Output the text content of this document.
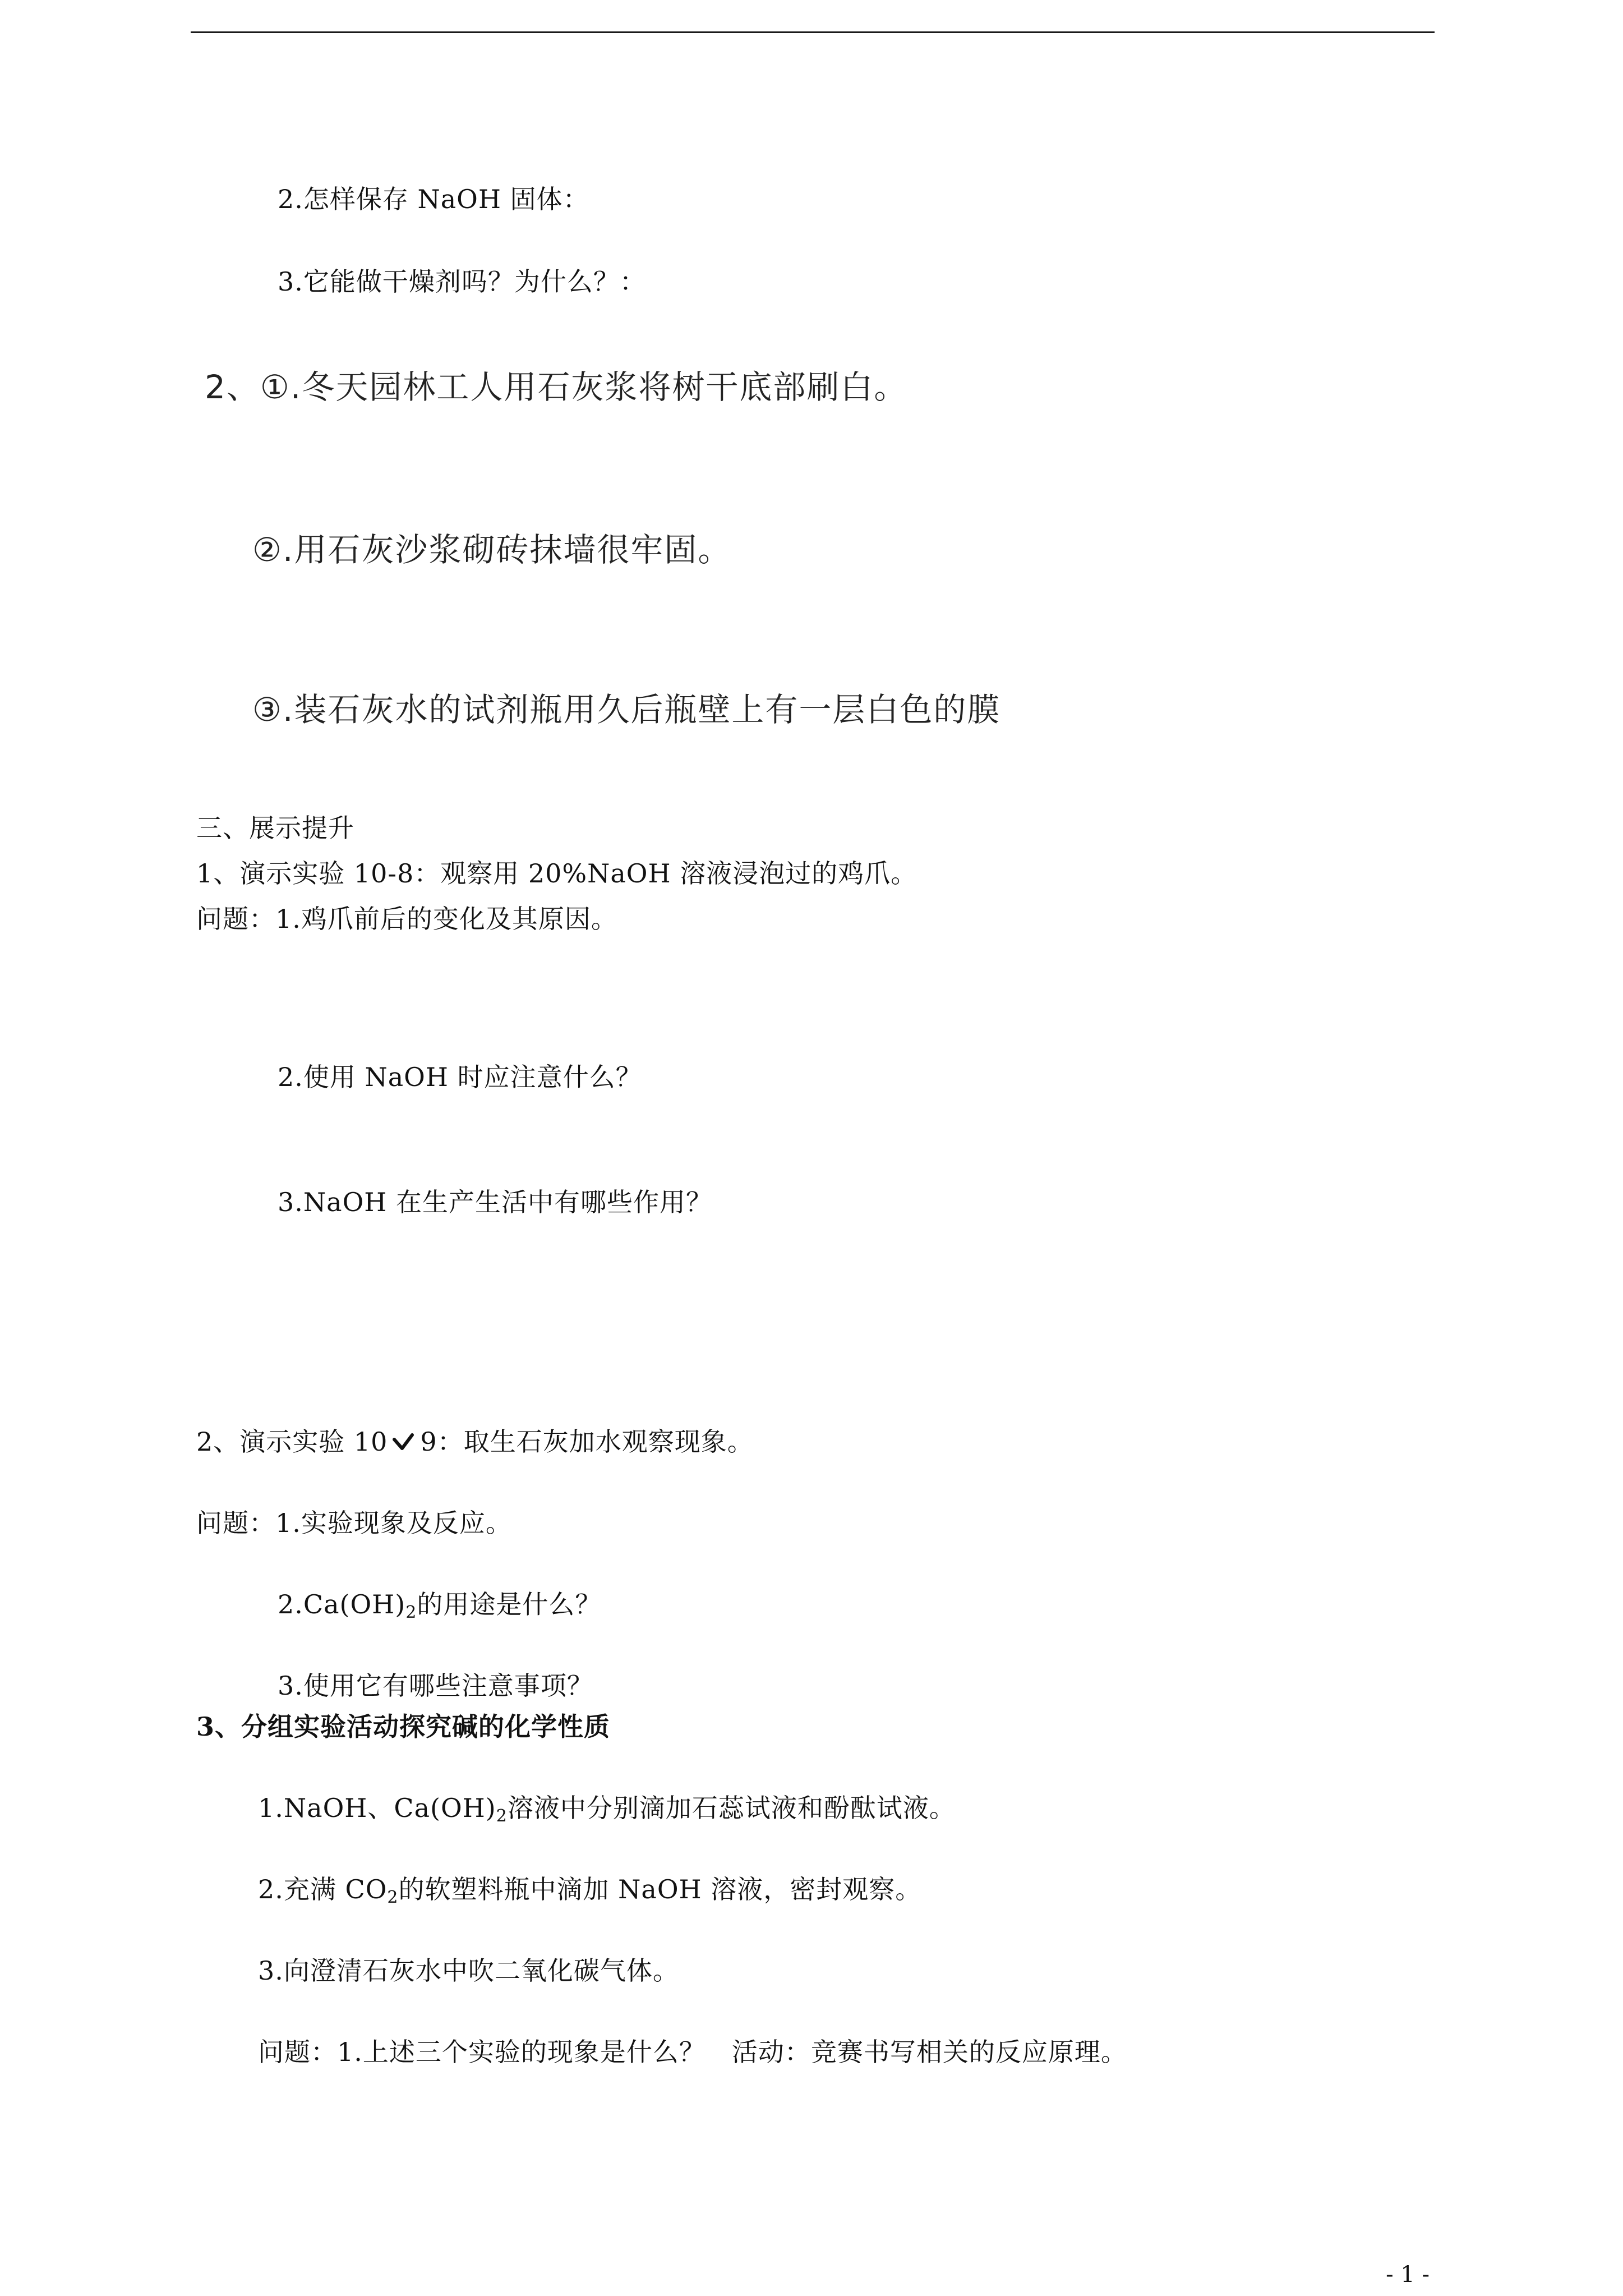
2.怎样保存 NaOH 固体：
3.它能做干燥剂吗？为什么？：
2、①.冬天园林工人用石灰浆将树干底部刷白。
②.用石灰沙浆砌砖抹墙很牢固。
③.装石灰水的试剂瓶用久后瓶壁上有一层白色的膜
三、展示提升
1、演示实验 10-8：观察用 20%NaOH 溶液浸泡过的鸡爪。
问题：1.鸡爪前后的变化及其原因。
2.使用 NaOH 时应注意什么？
3.NaOH 在生产生活中有哪些作用？
2、演示实验 10 9：取生石灰加水观察现象。
问题：1.实验现象及反应。
$2.Ca(OH)_2$的用途是什么？
3.使用它有哪些注意事项？
3、分组实验活动探究碱的化学性质
1.NaOH、$Ca(OH)_2$溶液中分别滴加石蕊试液和酚酞试液。
2.充满 $CO_2$的软塑料瓶中滴加 NaOH 溶液，密封观察。
3.向澄清石灰水中吹二氧化碳气体。
问题：1.上述三个实验的现象是什么？　活动：竞赛书写相关的反应原理。
- 1 -
